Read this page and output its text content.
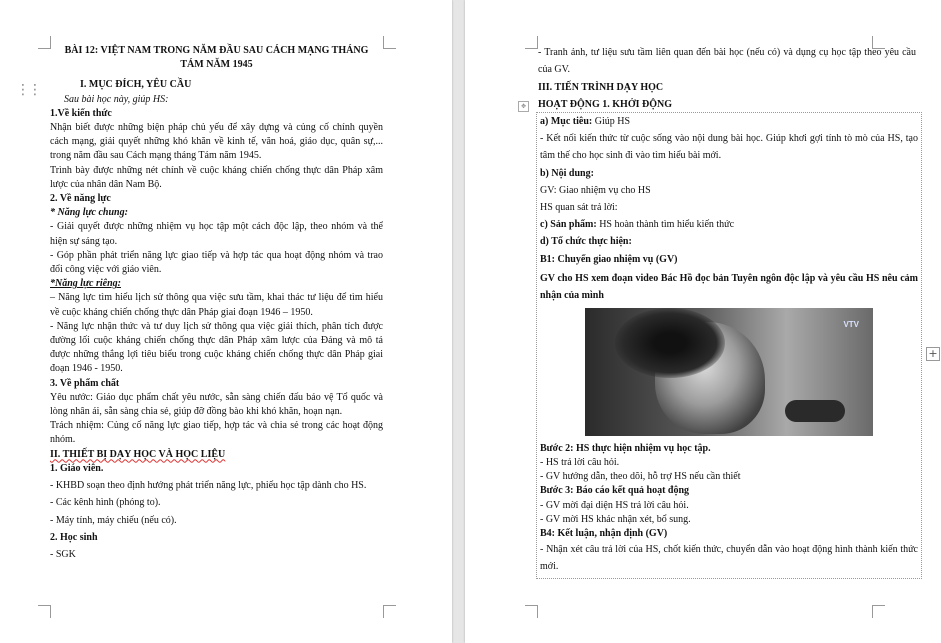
⋮⋮
✥
+

BÀI 12: VIỆT NAM TRONG NĂM ĐẦU SAU CÁCH MẠNG THÁNG

TÁM NĂM 1945

I. MỤC ĐÍCH, YÊU CẦU

Sau bài học này, giúp HS:

1.Về kiến thức

Nhận biết được những biện pháp chủ yếu để xây dựng và củng cố chính quyền cách mạng, giải quyết những khó khăn về kinh tế, văn hoá, giáo dục, quân sự,... trong năm đầu sau Cách mạng tháng Tám năm 1945.

Trình bày được những nét chính về cuộc kháng chiến chống thực dân Pháp xâm lược của nhân dân Nam Bộ.

2. Về năng lực

* Năng lực chung:

- Giải quyết được những nhiệm vụ học tập một cách độc lập, theo nhóm và thể hiện sự sáng tạo.

- Góp phần phát triển năng lực giao tiếp và hợp tác qua hoạt động nhóm và trao đổi công việc với giáo viên.

*Năng lực riêng:

– Năng lực tìm hiểu lịch sử thông qua việc sưu tầm, khai thác tư liệu để tìm hiểu về cuộc kháng chiến chống thực dân Pháp giai đoạn 1946 – 1950.

- Năng lực nhận thức và tư duy lịch sử thông qua việc giải thích, phân tích được đường lối cuộc kháng chiến chống thực dân Pháp xâm lược của Đảng và mô tả được những thắng lợi tiêu biểu trong cuộc kháng chiến chống thực dân Pháp giai đoạn 1946 - 1950.

3. Về phẩm chất

Yêu nước: Giáo dục phẩm chất yêu nước, sẵn sàng chiến đấu bảo vệ Tổ quốc và lòng nhân ái, sẵn sàng chia sẻ, giúp đỡ đồng bào khi khó khăn, hoạn nạn.

Trách nhiệm: Củng cố năng lực giao tiếp, hợp tác và chia sẻ trong các hoạt động nhóm.

II. THIẾT BỊ DẠY HỌC VÀ HỌC LIỆU

1. Giáo viên.

- KHBD soạn theo định hướng phát triển năng lực, phiếu học tập dành cho HS.

- Các kênh hình (phóng to).

- Máy tính, máy chiếu (nếu có).

2. Học sinh

- SGK

- Tranh ảnh, tư liệu sưu tầm liên quan đến bài học (nếu có) và dụng cụ học tập theo yêu cầu của GV.

III. TIẾN TRÌNH DẠY HỌC

HOẠT ĐỘNG 1. KHỞI ĐỘNG

a) Mục tiêu: Giúp HS

- Kết nối kiến thức từ cuộc sống vào nội dung bài học. Giúp khơi gợi tính tò mò của HS, tạo tâm thế cho học sinh đi vào tìm hiểu bài mới.

b) Nội dung:

GV: Giao nhiệm vụ cho HS

HS quan sát trả lời:

c) Sản phẩm: HS hoàn thành tìm hiểu kiến thức

d) Tổ chức thực hiện:

B1: Chuyển giao nhiệm vụ (GV)

GV cho HS xem đoạn video Bác Hồ đọc bản Tuyên ngôn độc lập và yêu cầu HS nêu cảm nhận của mình

VTV

Bước 2: HS thực hiện nhiệm vụ học tập.

- HS trả lời câu hỏi.

- GV hướng dẫn, theo dõi, hỗ trợ HS nếu cần thiết

Bước 3: Báo cáo kết quả hoạt động

- GV mời đại diện HS trả lời câu hỏi.

- GV mời HS khác nhận xét, bổ sung.

B4: Kết luận, nhận định (GV)

- Nhận xét câu trả lời của HS, chốt kiến thức, chuyển dẫn vào hoạt động hình thành kiến thức mới.
